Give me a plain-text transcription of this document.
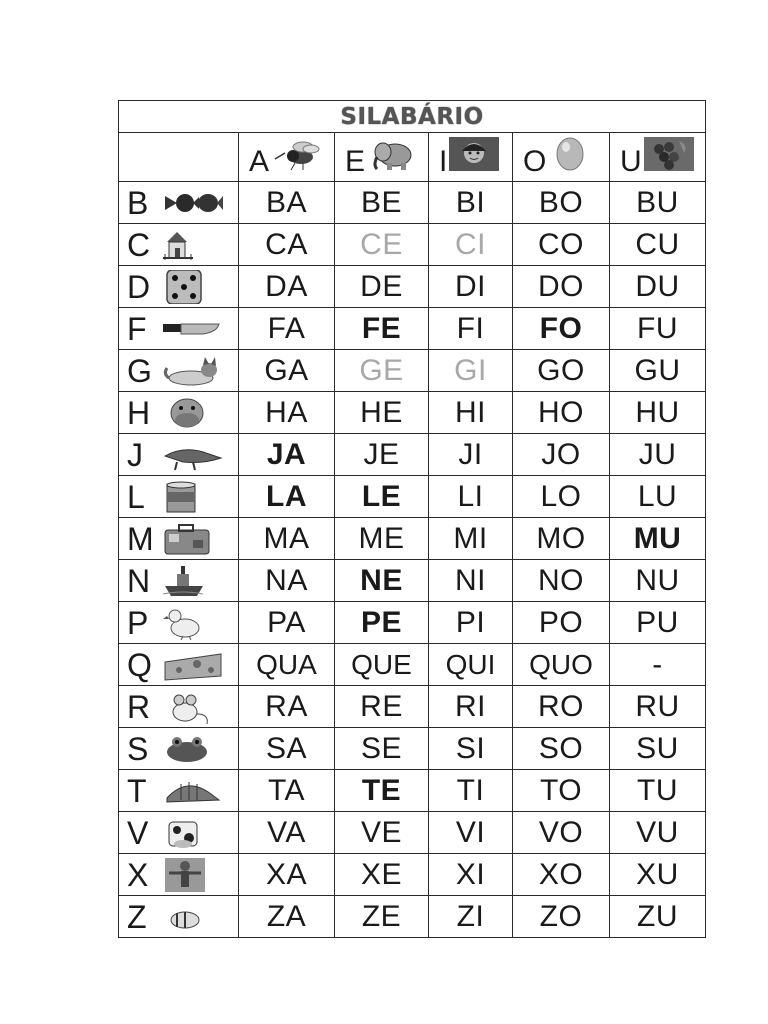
SILABÁRIO					

	A	E	I	O	U

B	BA	BE	BI	BO	BU

C	CA	CE	CI	CO	CU

D	DA	DE	DI	DO	DU

F	FA	FE	FI	FO	FU

G	GA	GE	GI	GO	GU

H	HA	HE	HI	HO	HU

J	JA	JE	JI	JO	JU

L	LA	LE	LI	LO	LU

M	MA	ME	MI	MO	MU

N	NA	NE	NI	NO	NU

P	PA	PE	PI	PO	PU

Q	QUA	QUE	QUI	QUO	-

R	RA	RE	RI	RO	RU

S	SA	SE	SI	SO	SU

T	TA	TE	TI	TO	TU

V	VA	VE	VI	VO	VU

X	XA	XE	XI	XO	XU

Z	ZA	ZE	ZI	ZO	ZU
